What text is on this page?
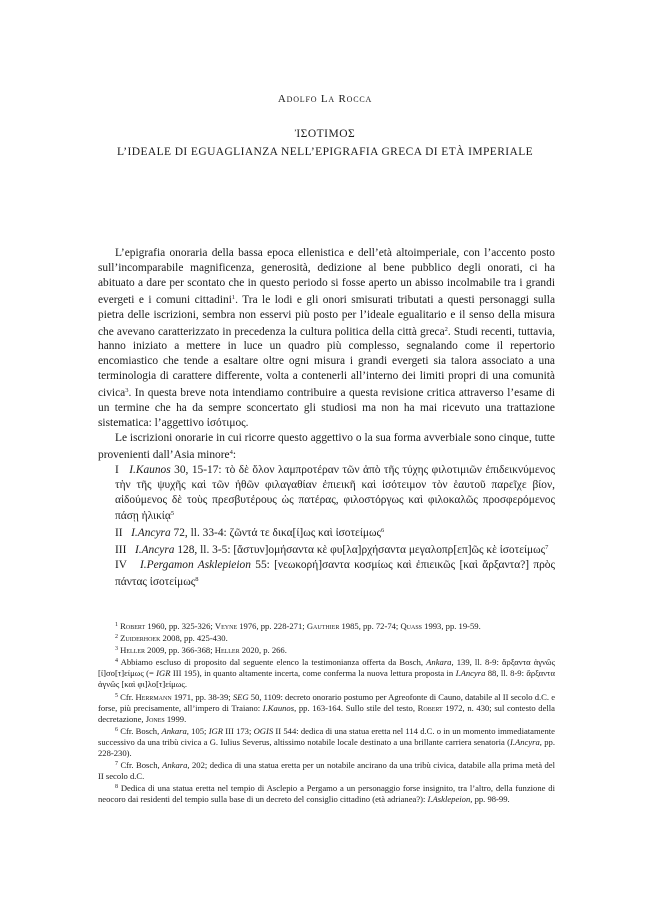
Adolfo La Rocca
ἸΣΟΤΙΜΟΣ
L’IDEALE DI EGUAGLIANZA NELL’EPIGRAFIA GRECA DI ETÀ IMPERIALE

L’epigrafia onoraria della bassa epoca ellenistica e dell’età altoimperiale, con l’accento posto sull’incomparabile magnificenza, generosità, dedizione al bene pubblico degli onorati, ci ha abituato a dare per scontato che in questo periodo si fosse aperto un abisso incolmabile tra i grandi evergeti e i comuni cittadini$^1$. Tra le lodi e gli onori smisurati tributati a questi personaggi sulla pietra delle iscrizioni, sembra non esservi più posto per l’ideale egualitario e il senso della misura che avevano caratterizzato in precedenza la cultura politica della città greca$^2$. Studi recenti, tuttavia, hanno iniziato a mettere in luce un quadro più complesso, segnalando come il repertorio encomiastico che tende a esaltare oltre ogni misura i grandi evergeti sia talora associato a una terminologia di carattere differente, volta a contenerli all’interno dei limiti propri di una comunità civica$^3$. In questa breve nota intendiamo contribuire a questa revisione critica attraverso l’esame di un termine che ha da sempre sconcertato gli studiosi ma non ha mai ricevuto una trattazione sistematica: l’aggettivo ἰσότιμος.

Le iscrizioni onorarie in cui ricorre questo aggettivo o la sua forma avverbiale sono cinque, tutte provenienti dall’Asia minore$^4$:

I I.Kaunos 30, 15-17: τὸ δὲ ὅλον λαμπροτέραν τῶν ἀπὸ τῆς τύχης φιλοτιμιῶν ἐπιδεικνύμενος τὴν τῆς ψυχῆς καὶ τῶν ἠθῶν φιλαγαθίαν ἐπιεικῆ καὶ ἰσότειμον τὸν ἑαυτοῦ παρεῖχε βίον, αἰδούμενος δὲ τοὺς πρεσβυτέρους ὡς πατέρας, φιλοστόργως καὶ φιλοκαλῶς προσφερόμενος πάσῃ ἡλικίᾳ$^5$

II I.Ancyra 72, ll. 33-4: ζῶντά τε δικα[ί]ως καὶ ἰσοτείμως$^6$

III I.Ancyra 128, ll. 3-5: [ἄστυν]ομήσαντα κὲ φυ[λα]ρχήσαντα μεγαλοπρ[επ]ῶς κὲ ἰσοτείμως$^7$

IV I.Pergamon Asklepieion 55: [νεωκορή]σαντα κοσμίως καὶ ἐπιεικῶς [καὶ ἄρξαντα?] πρὸς πάντας ἰσοτείμως$^8$

$^1$ Robert 1960, pp. 325-326; Veyne 1976, pp. 228-271; Gauthier 1985, pp. 72-74; Quass 1993, pp. 19-59.

$^2$ Zuiderhoek 2008, pp. 425-430.

$^3$ Heller 2009, pp. 366-368; Heller 2020, p. 266.

$^4$ Abbiamo escluso di proposito dal seguente elenco la testimonianza offerta da Bosch, Ankara, 139, ll. 8-9: ἄρξαντα ἁγνῶς [ἰ]σο[τ]είμως (= IGR III 195), in quanto altamente incerta, come conferma la nuova lettura proposta in I.Ancyra 88, ll. 8-9: ἄρξαντα ἁγνῶς [καὶ φι]λο[τ]είμως.

$^5$ Cfr. Herrmann 1971, pp. 38-39; SEG 50, 1109: decreto onorario postumo per Agreofonte di Cauno, databile al II secolo d.C. e forse, più precisamente, all’impero di Traiano: I.Kaunos, pp. 163-164. Sullo stile del testo, Robert 1972, n. 430; sul contesto della decretazione, Jones 1999.

$^6$ Cfr. Bosch, Ankara, 105; IGR III 173; OGIS II 544: dedica di una statua eretta nel 114 d.C. o in un momento immediatamente successivo da una tribù civica a G. Iulius Severus, altissimo notabile locale destinato a una brillante carriera senatoria (I.Ancyra, pp. 228-230).

$^7$ Cfr. Bosch, Ankara, 202; dedica di una statua eretta per un notabile ancirano da una tribù civica, databile alla prima metà del II secolo d.C.

$^8$ Dedica di una statua eretta nel tempio di Asclepio a Pergamo a un personaggio forse insignito, tra l’altro, della funzione di neocoro dai residenti del tempio sulla base di un decreto del consiglio cittadino (età adrianea?): I.Asklepeion, pp. 98-99.
